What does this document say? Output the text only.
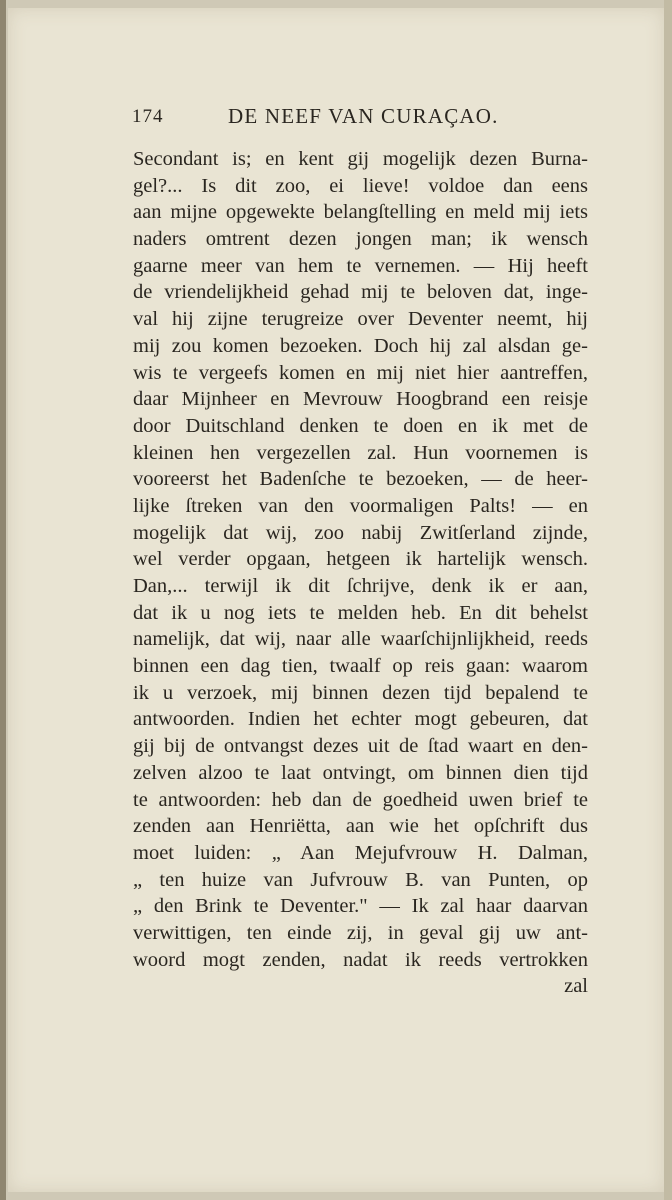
174	DE NEEF VAN CURAÇAO.
Secondant is; en kent gij mogelijk dezen Burna-
gel?... Is dit zoo, ei lieve! voldoe dan eens
aan mijne opgewekte belangſtelling en meld mij iets
naders omtrent dezen jongen man; ik wensch
gaarne meer van hem te vernemen. — Hij heeft
de vriendelijkheid gehad mij te beloven dat, inge-
val hij zijne terugreize over Deventer neemt, hij
mij zou komen bezoeken. Doch hij zal alsdan ge-
wis te vergeefs komen en mij niet hier aantreffen,
daar Mijnheer en Mevrouw Hoogbrand een reisje
door Duitschland denken te doen en ik met de
kleinen hen vergezellen zal. Hun voornemen is
vooreerst het Badenſche te bezoeken, — de heer-
lijke ſtreken van den voormaligen Palts! — en
mogelijk dat wij, zoo nabij Zwitſerland zijnde,
wel verder opgaan, hetgeen ik hartelijk wensch.
Dan,... terwijl ik dit ſchrijve, denk ik er aan,
dat ik u nog iets te melden heb. En dit behelst
namelijk, dat wij, naar alle waarſchijnlijkheid, reeds
binnen een dag tien, twaalf op reis gaan: waarom
ik u verzoek, mij binnen dezen tijd bepalend te
antwoorden. Indien het echter mogt gebeuren, dat
gij bij de ontvangst dezes uit de ſtad waart en den-
zelven alzoo te laat ontvingt, om binnen dien tijd
te antwoorden: heb dan de goedheid uwen brief te
zenden aan Henriëtta, aan wie het opſchrift dus
moet luiden: „ Aan Mejufvrouw H. Dalman,
„ ten huize van Jufvrouw B. van Punten, op
„ den Brink te Deventer." — Ik zal haar daarvan
verwittigen, ten einde zij, in geval gij uw ant-
woord mogt zenden, nadat ik reeds vertrokken
zal
